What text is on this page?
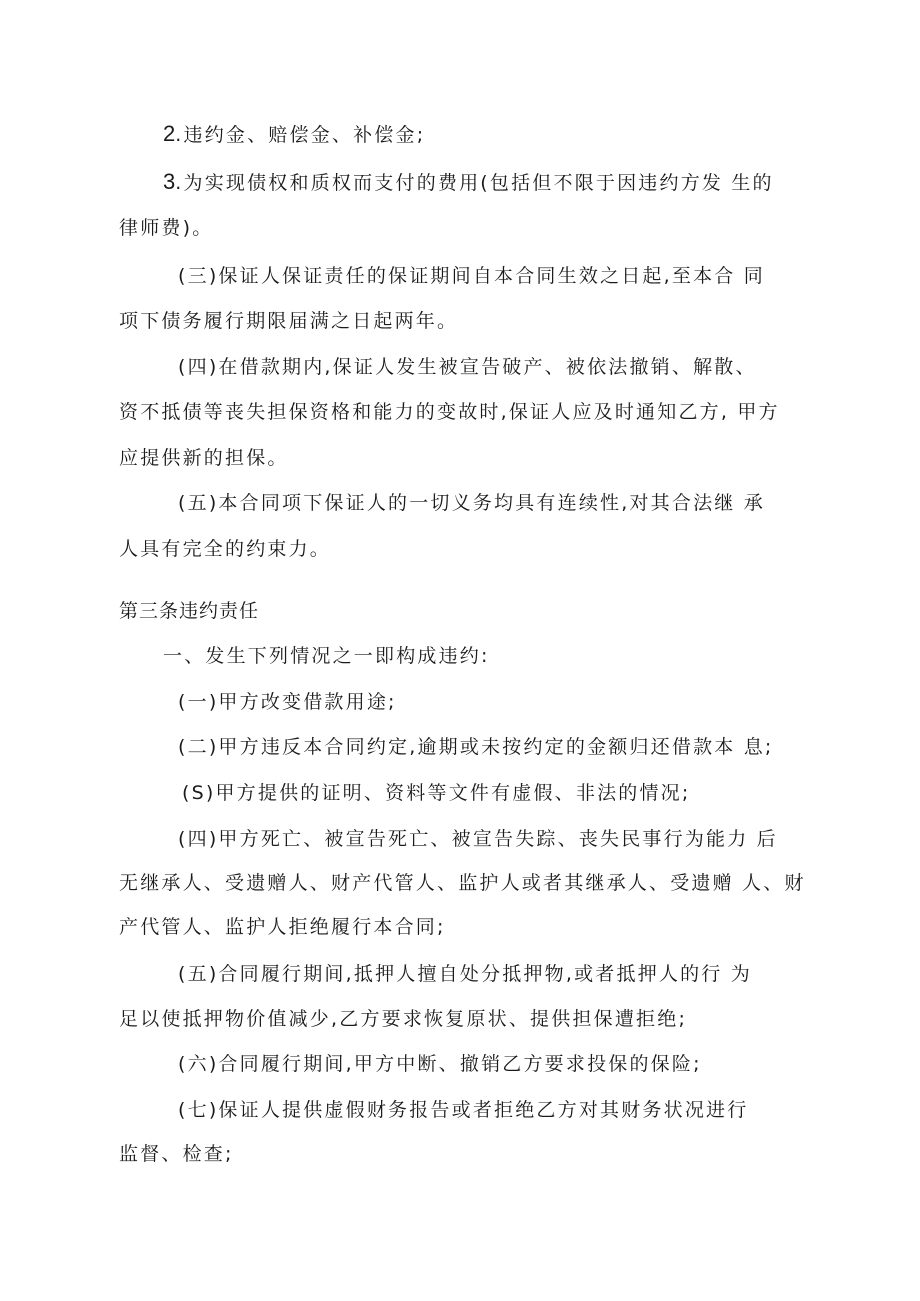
2.违约金、赔偿金、补偿金;
3.为实现债权和质权而支付的费用(包括但不限于因违约方发 生的
律师费)。
(三)保证人保证责任的保证期间自本合同生效之日起,至本合 同
项下债务履行期限届满之日起两年。
(四)在借款期内,保证人发生被宣告破产、被依法撤销、解散、
资不抵债等丧失担保资格和能力的变故时,保证人应及时通知乙方, 甲方
应提供新的担保。
(五)本合同项下保证人的一切义务均具有连续性,对其合法继 承
人具有完全的约束力。
第三条违约责任
一、发生下列情况之一即构成违约:
(一)甲方改变借款用途;
(二)甲方违反本合同约定,逾期或未按约定的金额归还借款本 息;
(S)甲方提供的证明、资料等文件有虚假、非法的情况;
(四)甲方死亡、被宣告死亡、被宣告失踪、丧失民事行为能力 后
无继承人、受遗赠人、财产代管人、监护人或者其继承人、受遗赠 人、财
产代管人、监护人拒绝履行本合同;
(五)合同履行期间,抵押人擅自处分抵押物,或者抵押人的行 为
足以使抵押物价值减少,乙方要求恢复原状、提供担保遭拒绝;
(六)合同履行期间,甲方中断、撤销乙方要求投保的保险;
(七)保证人提供虚假财务报告或者拒绝乙方对其财务状况进行
监督、检查;
